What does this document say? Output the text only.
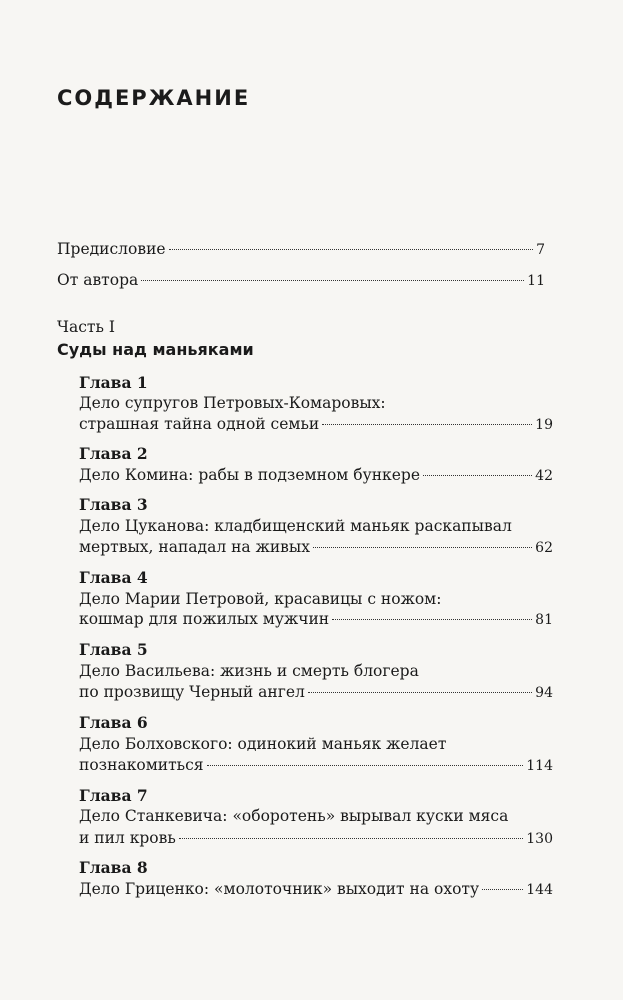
СОДЕРЖАНИЕ
Предисловие	7
От автора	11
Часть I
Суды над маньяками
Глава 1
Дело супругов Петровых-Комаровых:
страшная тайна одной семьи	19
Глава 2
Дело Комина: рабы в подземном бункере	42
Глава 3
Дело Цуканова: кладбищенский маньяк раскапывал
мертвых, нападал на живых	62
Глава 4
Дело Марии Петровой, красавицы с ножом:
кошмар для пожилых мужчин	81
Глава 5
Дело Васильева: жизнь и смерть блогера
по прозвищу Черный ангел	94
Глава 6
Дело Болховского: одинокий маньяк желает
познакомиться	114
Глава 7
Дело Станкевича: «оборотень» вырывал куски мяса
и пил кровь	130
Глава 8
Дело Гриценко: «молоточник» выходит на охоту	144
